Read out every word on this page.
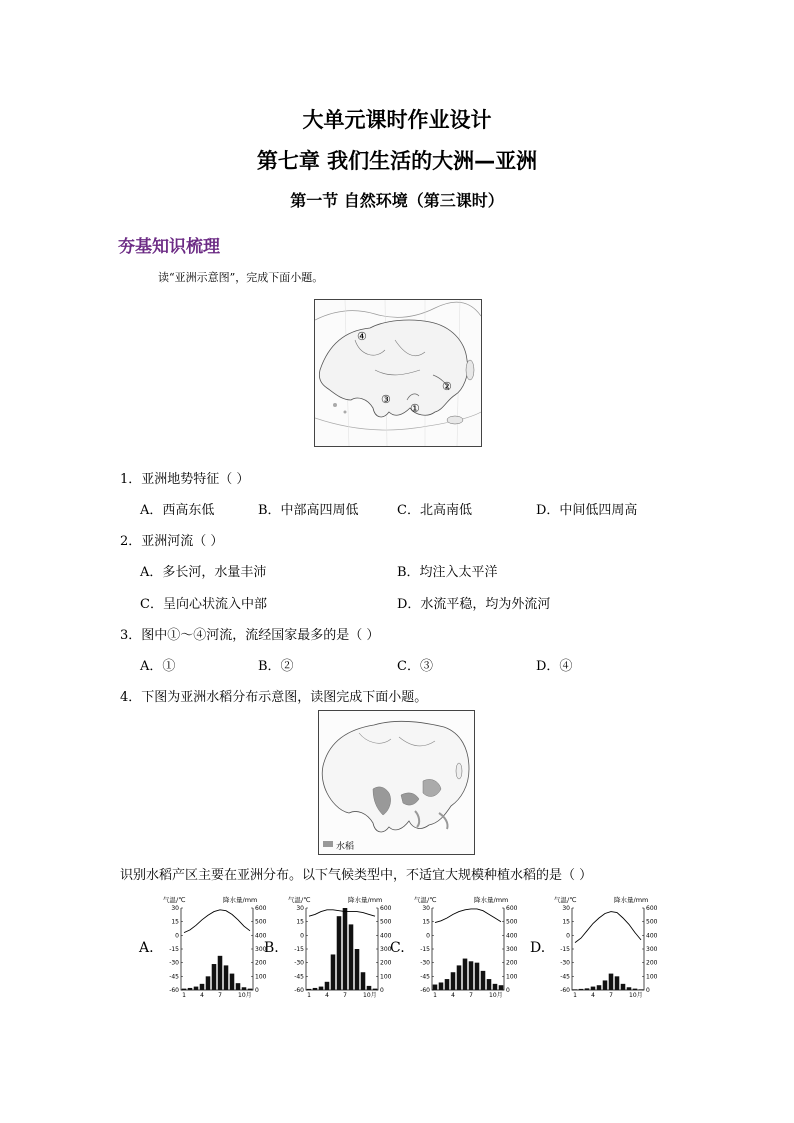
大单元课时作业设计
第七章 我们生活的大洲—亚洲
第一节 自然环境（第三课时）
夯基知识梳理
读“亚洲示意图”，完成下面小题。
④
②
③
①
1．亚洲地势特征（ ）
A．西高东低	B．中部高四周低	C．北高南低	D．中间低四周高
2．亚洲河流（ ）
A．多长河，水量丰沛	B．均注入太平洋
C．呈向心状流入中部	D．水流平稳，均为外流河
3．图中①～④河流，流经国家最多的是（ ）
A．①	B．②	C．③	D．④
4．下图为亚洲水稻分布示意图，读图完成下面小题。
水稻
识别水稻产区主要在亚洲分布。以下气候类型中，不适宜大规模种植水稻的是（ ）
A.
气温/℃	降水量/mm
30
15
0
-15
-30
-45
-60
600
500
400
300
200
100
0
1 4 7	10月
B.
气温/℃	降水量/mm
30
15
0
-15
-30
-45
-60
600
500
400
300
200
100
0
1 4 7	10月
C.
气温/℃	降水量/mm
30
15
0
-15
-30
-45
-60
600
500
400
300
200
100
0
1 4 7	10月
D.
气温/℃	降水量/mm
30
15
0
-15
-30
-45
-60
600
500
400
300
200
100
0
1 4 7	10月
